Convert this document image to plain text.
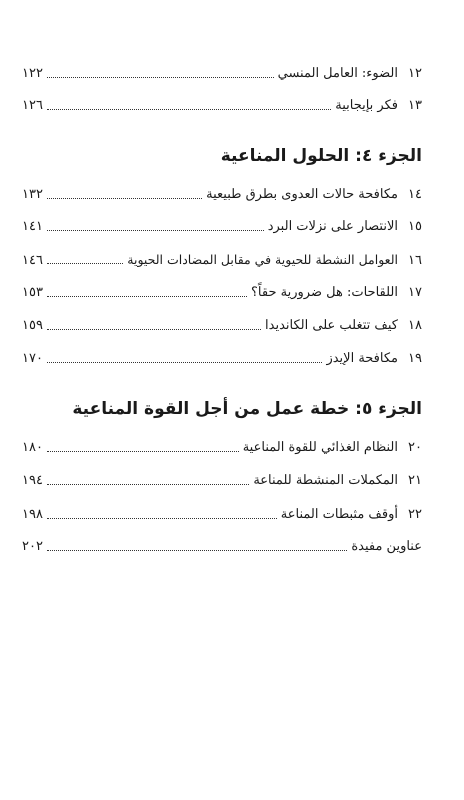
١٢
الضوء: العامل المنسي
١٢٢
١٣
فكر بإيجابية
١٢٦
الجزء ٤: الحلول المناعية
١٤
مكافحة حالات العدوى بطرق طبيعية
١٣٢
١٥
الانتصار على نزلات البرد
١٤١
١٦
العوامل النشطة للحيوية في مقابل المضادات الحيوية
١٤٦
١٧
اللقاحات: هل ضرورية حقاً؟
١٥٣
١٨
كيف تتغلب على الكانديدا
١٥٩
١٩
مكافحة الإيدز
١٧٠
الجزء ٥: خطة عمل من أجل القوة المناعية
٢٠
النظام الغذائي للقوة المناعية
١٨٠
٢١
المكملات المنشطة للمناعة
١٩٤
٢٢
أوقف مثبطات المناعة
١٩٨
عناوين مفيدة
٢٠٢
